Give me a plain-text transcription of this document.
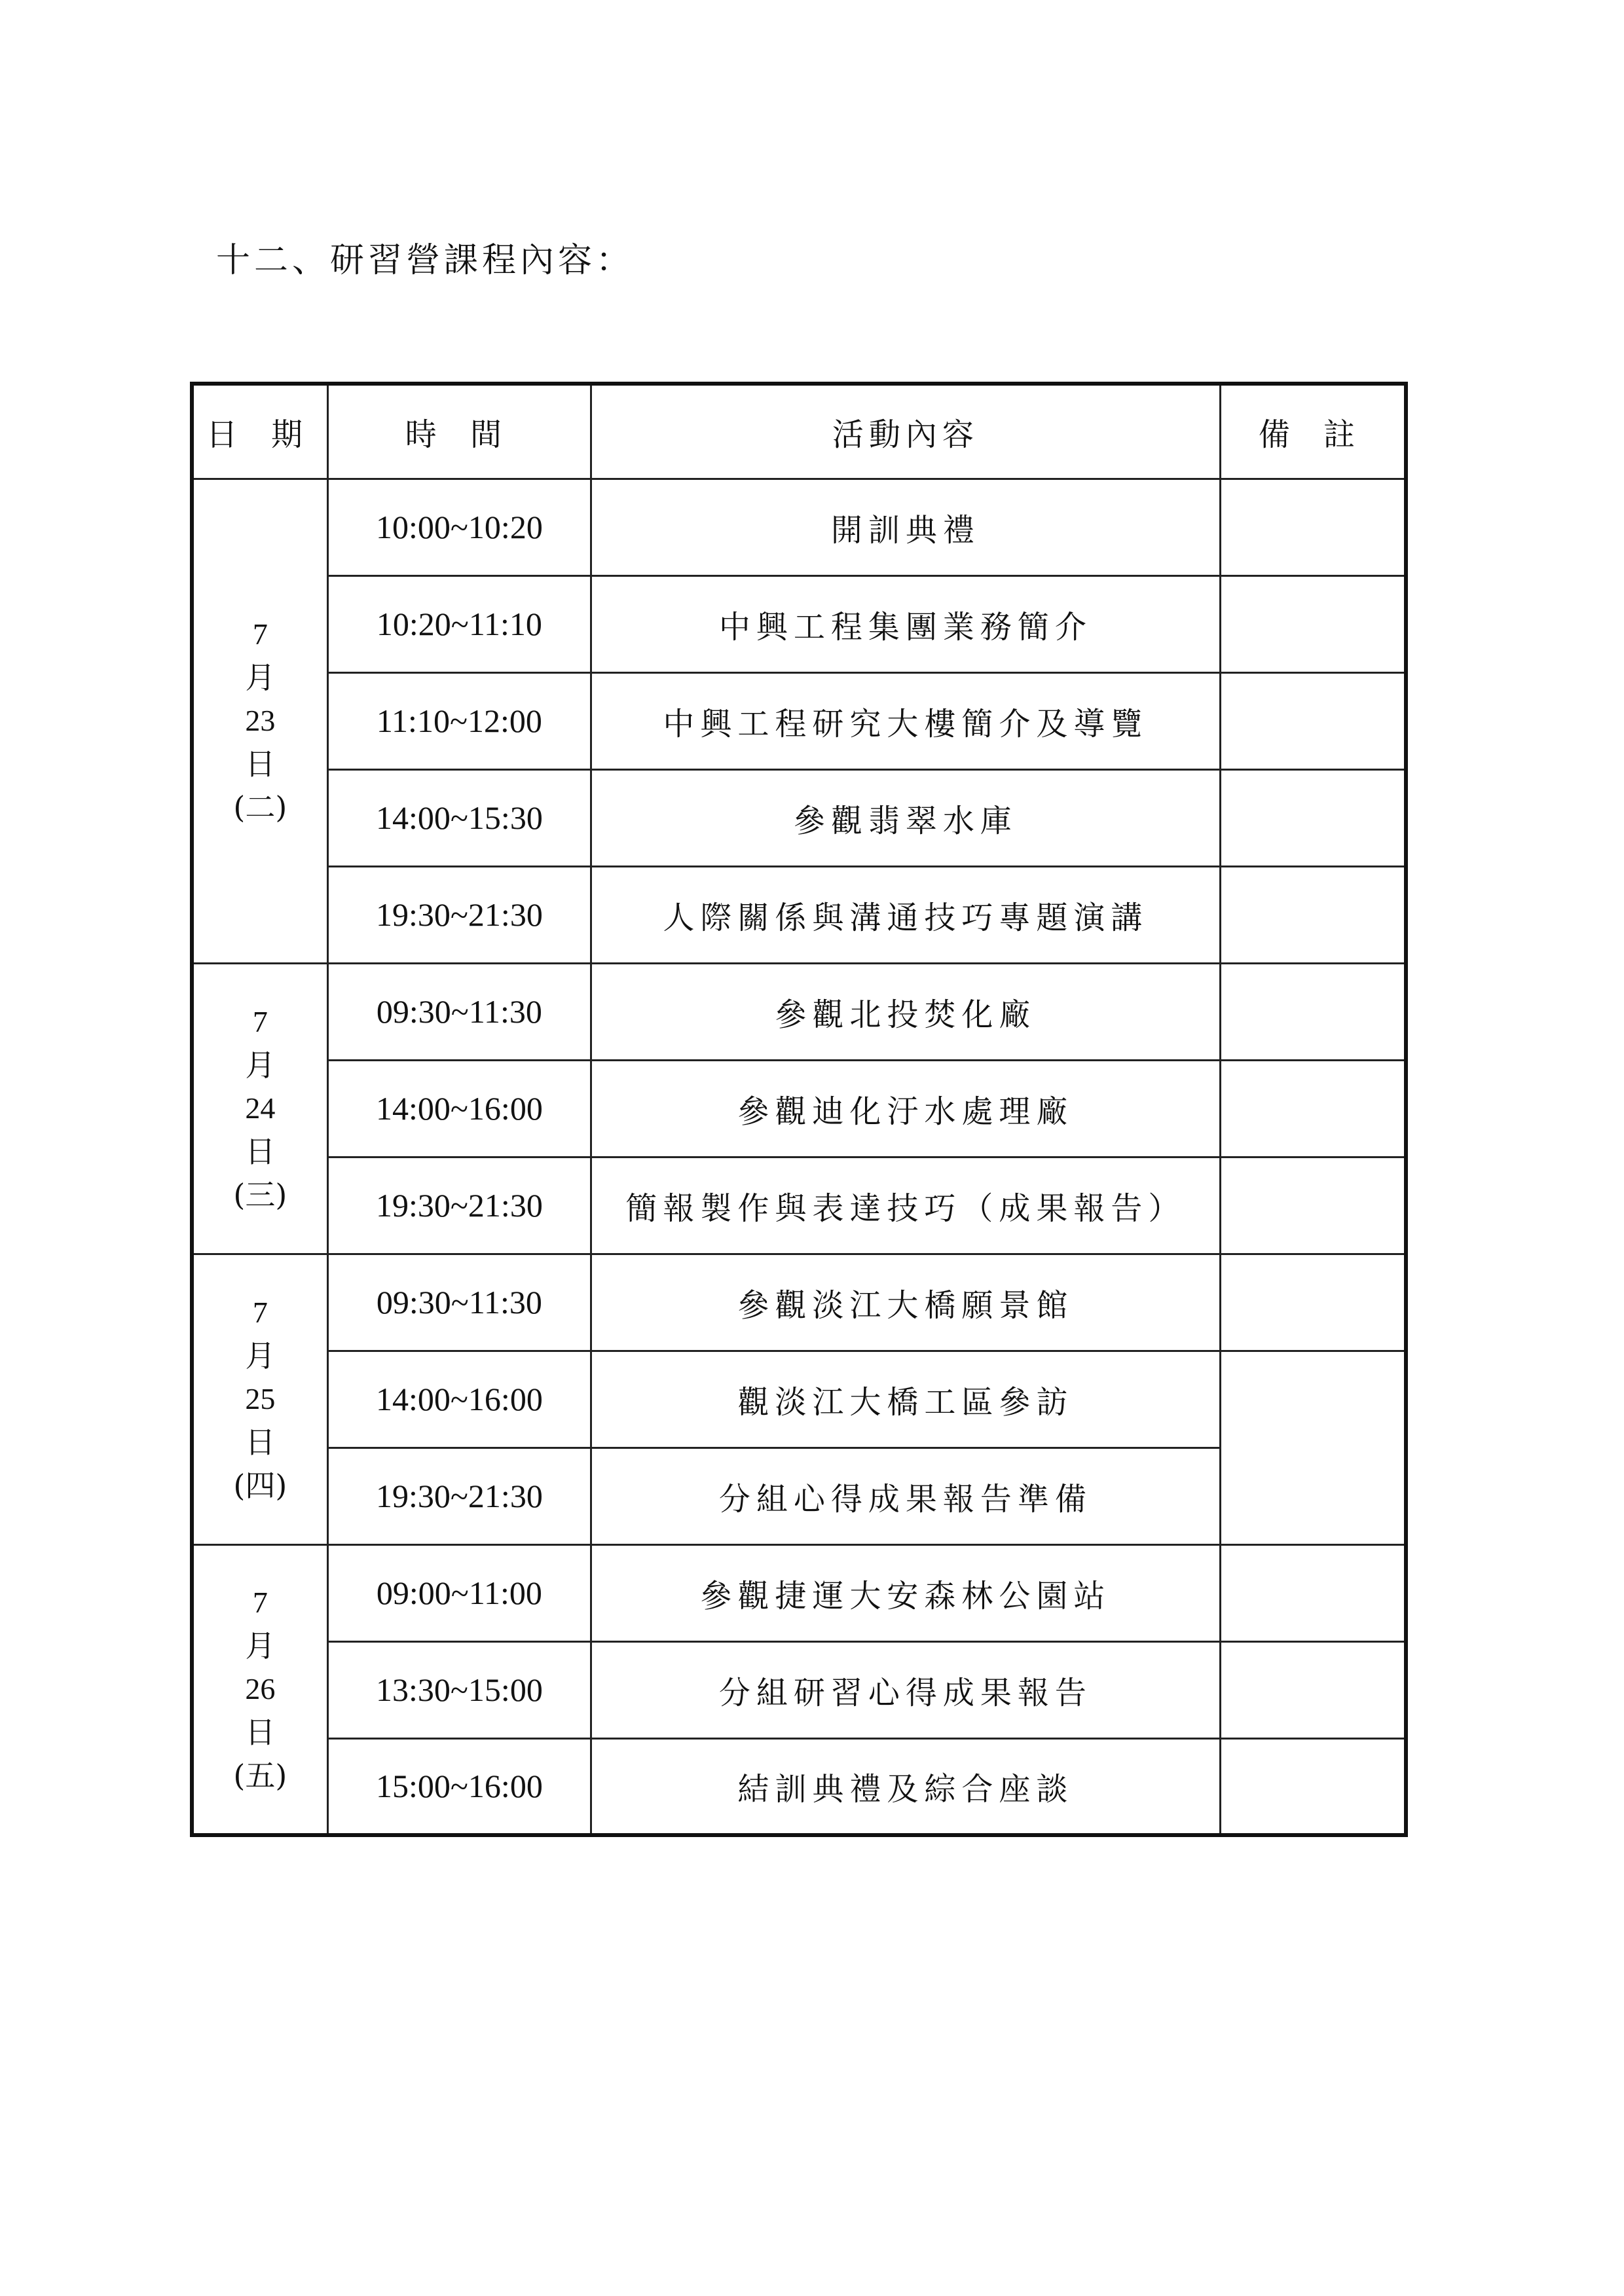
十二、研習營課程內容：
日 期	時 間	活動內容	備 註

7
月
23
日
(二)	10:00~10:20	開訓典禮	
	10:20~11:10	中興工程集團業務簡介	
	11:10~12:00	中興工程研究大樓簡介及導覽	
	14:00~15:30	參觀翡翠水庫	
	19:30~21:30	人際關係與溝通技巧專題演講	

7
月
24
日
(三)	09:30~11:30	參觀北投焚化廠	
	14:00~16:00	參觀迪化汙水處理廠	
	19:30~21:30	簡報製作與表達技巧（成果報告）	

7
月
25
日
(四)	09:30~11:30	參觀淡江大橋願景館	
	14:00~16:00	觀淡江大橋工區參訪	
	19:30~21:30	分組心得成果報告準備	

7
月
26
日
(五)	09:00~11:00	參觀捷運大安森林公園站	
	13:30~15:00	分組研習心得成果報告	
	15:00~16:00	結訓典禮及綜合座談	
